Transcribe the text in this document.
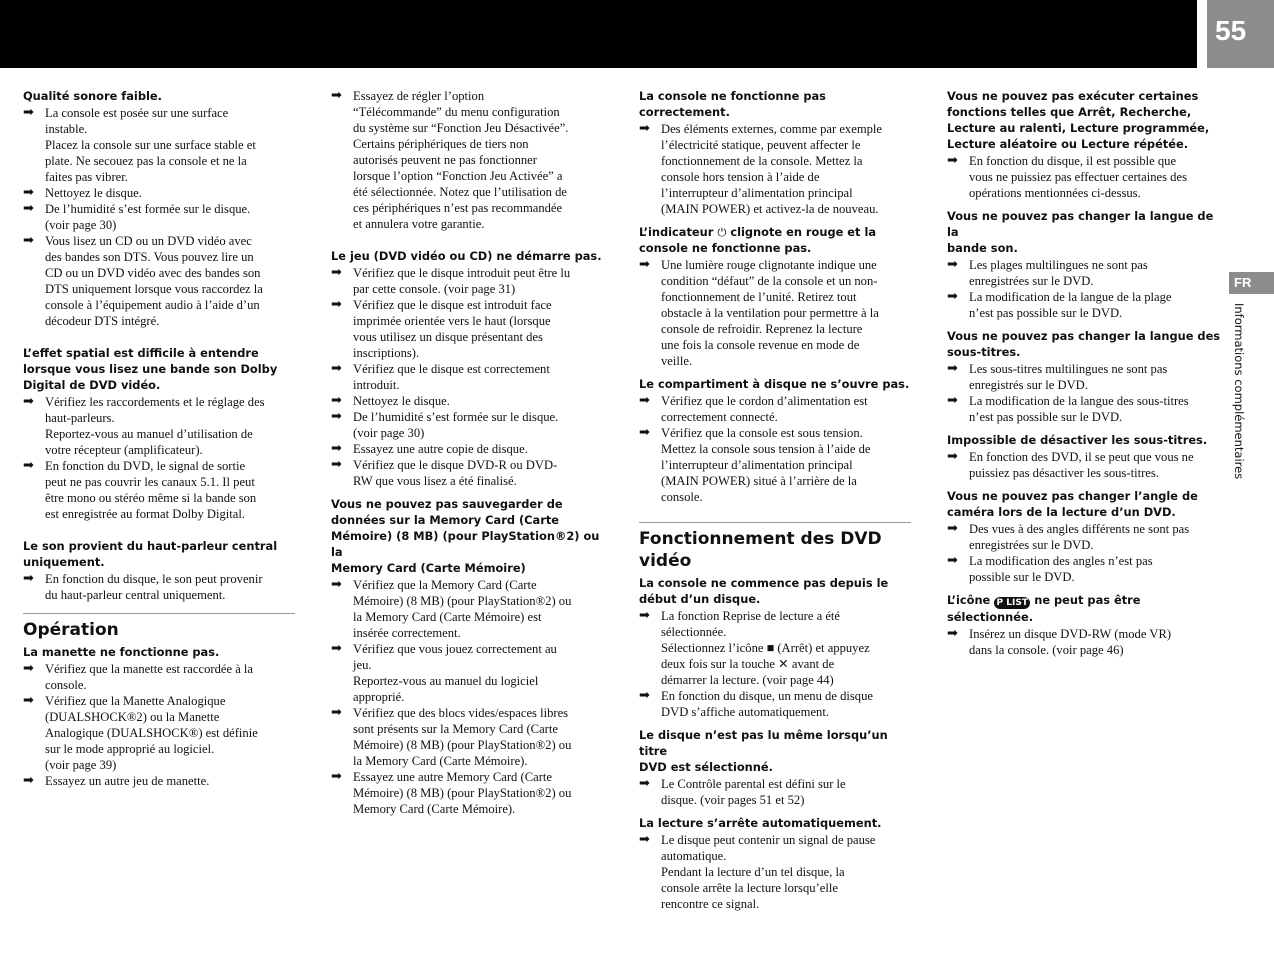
55
FR
Informations complémentaires
Qualité sonore faible.
➡ La console est posée sur une surface
instable.
Placez la console sur une surface stable et
plate. Ne secouez pas la console et ne la
faites pas vibrer.
➡ Nettoyez le disque.
➡ De l’humidité s’est formée sur le disque.
(voir page 30)
➡ Vous lisez un CD ou un DVD vidéo avec
des bandes son DTS. Vous pouvez lire un
CD ou un DVD vidéo avec des bandes son
DTS uniquement lorsque vous raccordez la
console à l’équipement audio à l’aide d’un
décodeur DTS intégré.
L’effet spatial est difficile à entendre
lorsque vous lisez une bande son Dolby
Digital de DVD vidéo.
➡ Vérifiez les raccordements et le réglage des
haut-parleurs.
Reportez-vous au manuel d’utilisation de
votre récepteur (amplificateur).
➡ En fonction du DVD, le signal de sortie
peut ne pas couvrir les canaux 5.1. Il peut
être mono ou stéréo même si la bande son
est enregistrée au format Dolby Digital.
Le son provient du haut-parleur central
uniquement.
➡ En fonction du disque, le son peut provenir
du haut-parleur central uniquement.
Opération
La manette ne fonctionne pas.
➡ Vérifiez que la manette est raccordée à la
console.
➡ Vérifiez que la Manette Analogique
(DUALSHOCK®2) ou la Manette
Analogique (DUALSHOCK®) est définie
sur le mode approprié au logiciel.
(voir page 39)
➡ Essayez un autre jeu de manette.
➡ Essayez de régler l’option
“Télécommande” du menu configuration
du système sur “Fonction Jeu Désactivée”.
Certains périphériques de tiers non
autorisés peuvent ne pas fonctionner
lorsque l’option “Fonction Jeu Activée” a
été sélectionnée. Notez que l’utilisation de
ces périphériques n’est pas recommandée
et annulera votre garantie.
Le jeu (DVD vidéo ou CD) ne démarre pas.
➡ Vérifiez que le disque introduit peut être lu
par cette console. (voir page 31)
➡ Vérifiez que le disque est introduit face
imprimée orientée vers le haut (lorsque
vous utilisez un disque présentant des
inscriptions).
➡ Vérifiez que le disque est correctement
introduit.
➡ Nettoyez le disque.
➡ De l’humidité s’est formée sur le disque.
(voir page 30)
➡ Essayez une autre copie de disque.
➡ Vérifiez que le disque DVD-R ou DVD-
RW que vous lisez a été finalisé.
Vous ne pouvez pas sauvegarder de
données sur la Memory Card (Carte
Mémoire) (8 MB) (pour PlayStation®2) ou la
Memory Card (Carte Mémoire)
➡ Vérifiez que la Memory Card (Carte
Mémoire) (8 MB) (pour PlayStation®2) ou
la Memory Card (Carte Mémoire) est
insérée correctement.
➡ Vérifiez que vous jouez correctement au
jeu.
Reportez-vous au manuel du logiciel
approprié.
➡ Vérifiez que des blocs vides/espaces libres
sont présents sur la Memory Card (Carte
Mémoire) (8 MB) (pour PlayStation®2) ou
la Memory Card (Carte Mémoire).
➡ Essayez une autre Memory Card (Carte
Mémoire) (8 MB) (pour PlayStation®2) ou
Memory Card (Carte Mémoire).
La console ne fonctionne pas correctement.
➡ Des éléments externes, comme par exemple
l’électricité statique, peuvent affecter le
fonctionnement de la console. Mettez la
console hors tension à l’aide de
l’interrupteur d’alimentation principal
(MAIN POWER) et activez-la de nouveau.
L’indicateur ⏻ clignote en rouge et la
console ne fonctionne pas.
➡ Une lumière rouge clignotante indique une
condition “défaut” de la console et un non-
fonctionnement de l’unité. Retirez tout
obstacle à la ventilation pour permettre à la
console de refroidir. Reprenez la lecture
une fois la console revenue en mode de
veille.
Le compartiment à disque ne s’ouvre pas.
➡ Vérifiez que le cordon d’alimentation est
correctement connecté.
➡ Vérifiez que la console est sous tension.
Mettez la console sous tension à l’aide de
l’interrupteur d’alimentation principal
(MAIN POWER) situé à l’arrière de la
console.
Fonctionnement des DVD vidéo
La console ne commence pas depuis le
début d’un disque.
➡ La fonction Reprise de lecture a été
sélectionnée.
Sélectionnez l’icône ■ (Arrêt) et appuyez
deux fois sur la touche ✕ avant de
démarrer la lecture. (voir page 44)
➡ En fonction du disque, un menu de disque
DVD s’affiche automatiquement.
Le disque n’est pas lu même lorsqu’un titre
DVD est sélectionné.
➡ Le Contrôle parental est défini sur le
disque. (voir pages 51 et 52)
La lecture s’arrête automatiquement.
➡ Le disque peut contenir un signal de pause
automatique.
Pendant la lecture d’un tel disque, la
console arrête la lecture lorsqu’elle
rencontre ce signal.
Vous ne pouvez pas exécuter certaines
fonctions telles que Arrêt, Recherche,
Lecture au ralenti, Lecture programmée,
Lecture aléatoire ou Lecture répétée.
➡ En fonction du disque, il est possible que
vous ne puissiez pas effectuer certaines des
opérations mentionnées ci-dessus.
Vous ne pouvez pas changer la langue de la
bande son.
➡ Les plages multilingues ne sont pas
enregistrées sur le DVD.
➡ La modification de la langue de la plage
n’est pas possible sur le DVD.
Vous ne pouvez pas changer la langue des
sous-titres.
➡ Les sous-titres multilingues ne sont pas
enregistrés sur le DVD.
➡ La modification de la langue des sous-titres
n’est pas possible sur le DVD.
Impossible de désactiver les sous-titres.
➡ En fonction des DVD, il se peut que vous ne
puissiez pas désactiver les sous-titres.
Vous ne pouvez pas changer l’angle de
caméra lors de la lecture d’un DVD.
➡ Des vues à des angles différents ne sont pas
enregistrées sur le DVD.
➡ La modification des angles n’est pas
possible sur le DVD.
L’icône P LIST ne peut pas être
sélectionnée.
➡ Insérez un disque DVD-RW (mode VR)
dans la console. (voir page 46)
